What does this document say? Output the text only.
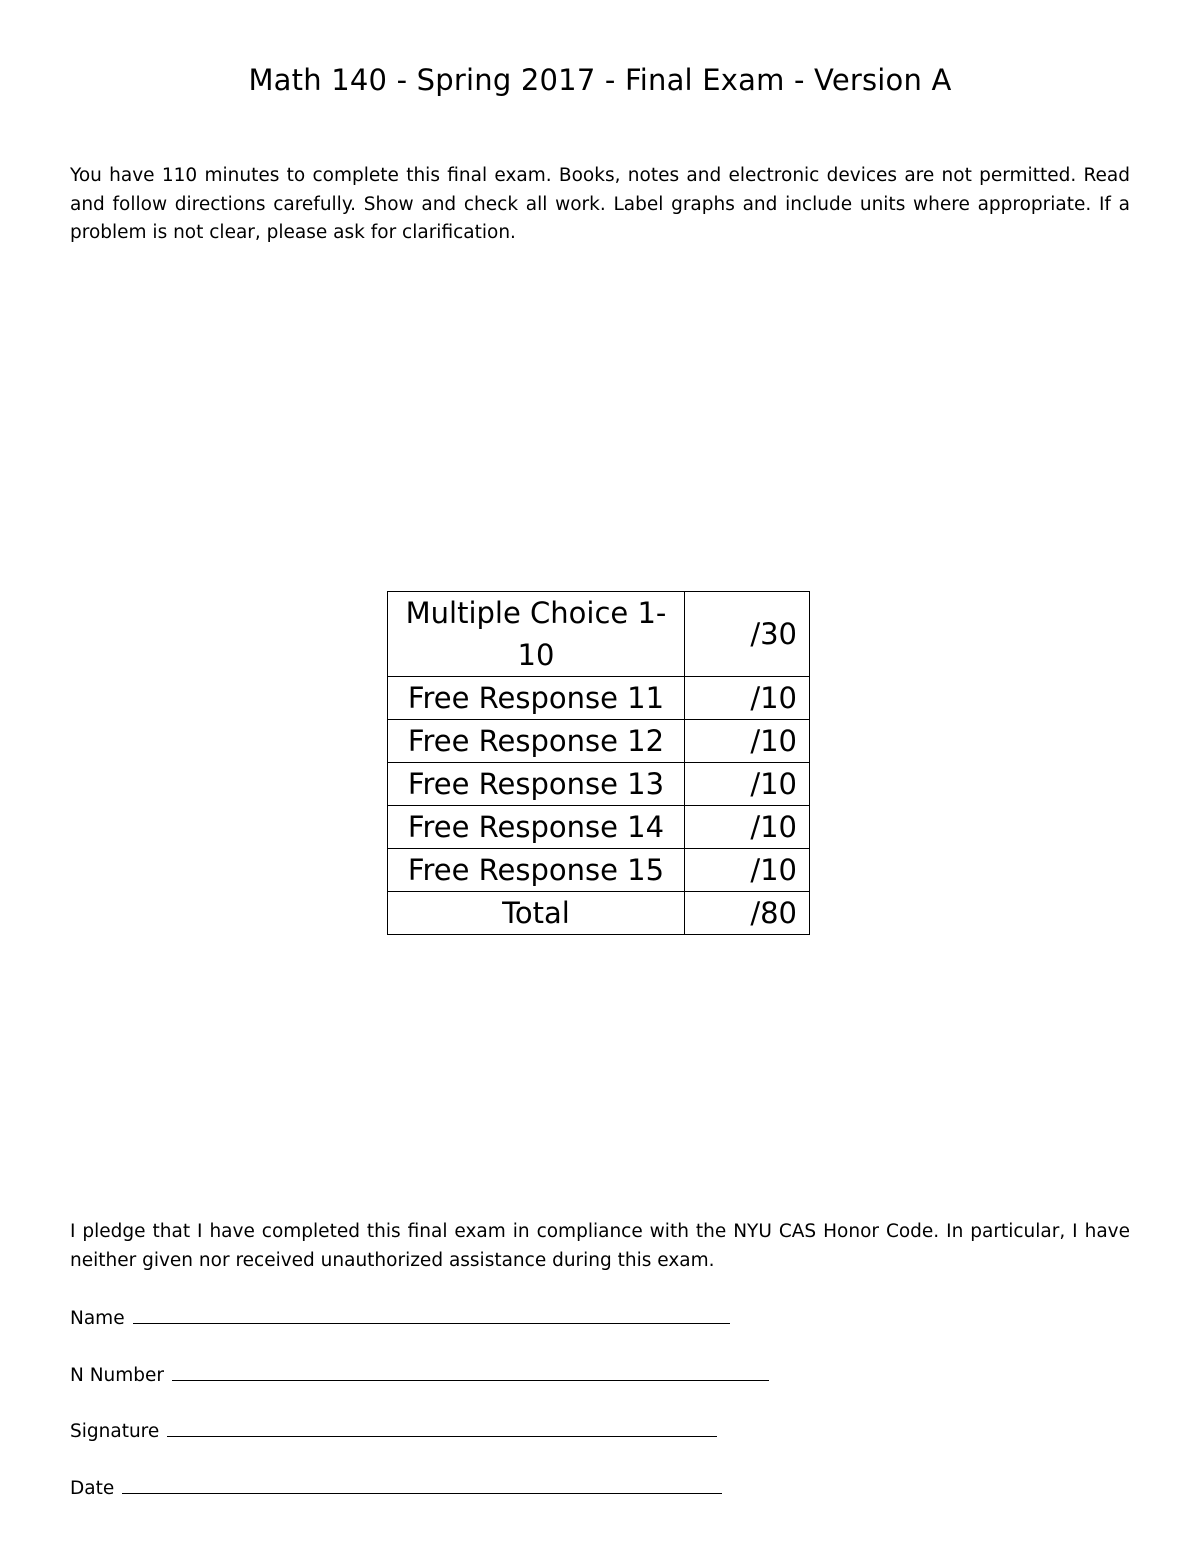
Math 140 - Spring 2017 - Final Exam - Version A
You have 110 minutes to complete this final exam. Books, notes and electronic devices are not permitted. Read and follow directions carefully. Show and check all work. Label graphs and include units where appropriate. If a problem is not clear, please ask for clarification.
Multiple Choice 1-10	/30
Free Response 11	/10
Free Response 12	/10
Free Response 13	/10
Free Response 14	/10
Free Response 15	/10
Total	/80
I pledge that I have completed this final exam in compliance with the NYU CAS Honor Code. In particular, I have neither given nor received unauthorized assistance during this exam.
Name
N Number
Signature
Date
